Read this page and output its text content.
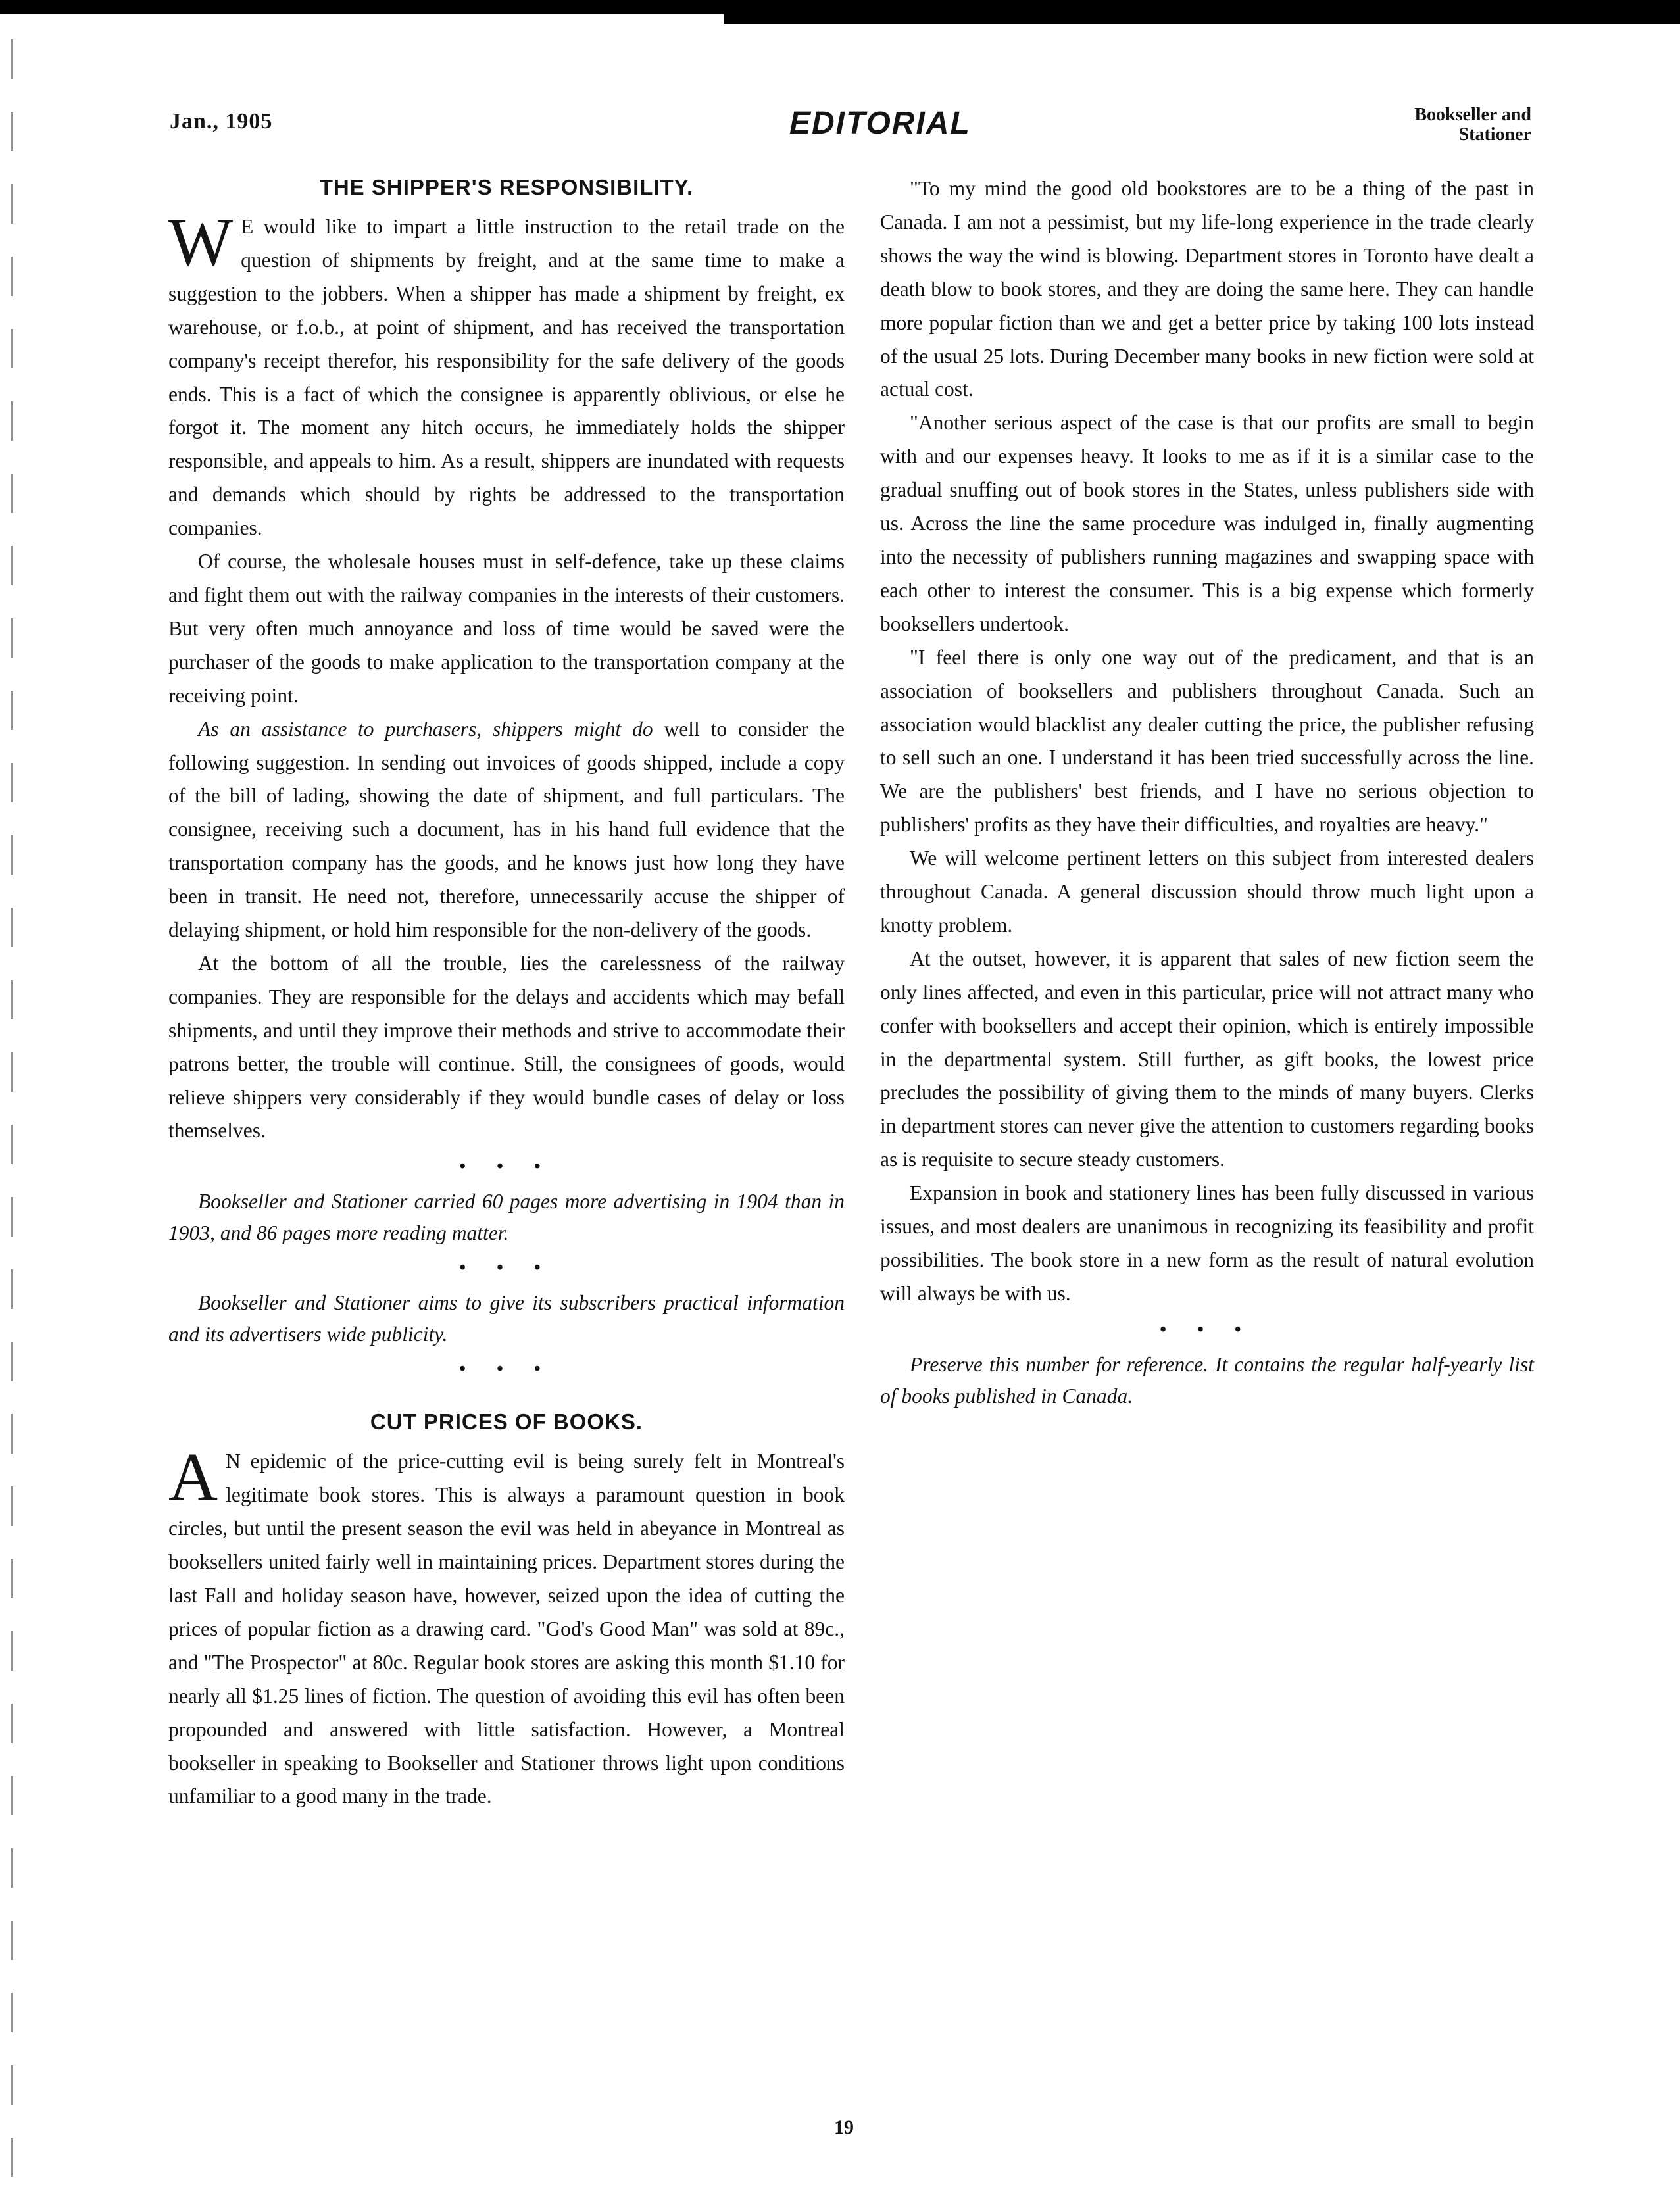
Jan., 1905	EDITORIAL	Bookseller and
Stationer
THE SHIPPER'S RESPONSIBILITY.

W E would like to impart a little instruction to the retail trade on the question of shipments by freight, and at the same time to make a suggestion to the jobbers. When a shipper has made a shipment by freight, ex warehouse, or f.o.b., at point of shipment, and has received the transportation company's receipt therefor, his responsibility for the safe delivery of the goods ends. This is a fact of which the consignee is apparently oblivious, or else he forgot it. The moment any hitch occurs, he immediately holds the shipper responsible, and appeals to him. As a result, shippers are inundated with requests and demands which should by rights be addressed to the transportation companies.

Of course, the wholesale houses must in self-defence, take up these claims and fight them out with the railway companies in the interests of their customers. But very often much annoyance and loss of time would be saved were the purchaser of the goods to make application to the transportation company at the receiving point.

As an assistance to purchasers, shippers might do well to consider the following suggestion. In sending out invoices of goods shipped, include a copy of the bill of lading, showing the date of shipment, and full particulars. The consignee, receiving such a document, has in his hand full evidence that the transportation company has the goods, and he knows just how long they have been in transit. He need not, therefore, unnecessarily accuse the shipper of delaying shipment, or hold him responsible for the non-delivery of the goods.

At the bottom of all the trouble, lies the carelessness of the railway companies. They are responsible for the delays and accidents which may befall shipments, and until they improve their methods and strive to accommodate their patrons better, the trouble will continue. Still, the consignees of goods, would relieve shippers very considerably if they would bundle cases of delay or loss themselves.

• • •

Bookseller and Stationer carried 60 pages more advertising in 1904 than in 1903, and 86 pages more reading matter.

• • •

Bookseller and Stationer aims to give its subscribers practical information and its advertisers wide publicity.

• • •
CUT PRICES OF BOOKS.

A N epidemic of the price-cutting evil is being surely felt in Montreal's legitimate book stores. This is always a paramount question in book circles, but until the present season the evil was held in abeyance in Montreal as booksellers united fairly well in maintaining prices. Department stores during the last Fall and holiday season have, however, seized upon the idea of cutting the prices of popular fiction as a drawing card. "God's Good Man" was sold at 89c., and "The Prospector" at 80c. Regular book stores are asking this month $1.10 for nearly all $1.25 lines of fiction. The question of avoiding this evil has often been propounded and answered with little satisfaction. However, a Montreal bookseller in speaking to Bookseller and Stationer throws light upon conditions unfamiliar to a good many in the trade.

"To my mind the good old bookstores are to be a thing of the past in Canada. I am not a pessimist, but my life-long experience in the trade clearly shows the way the wind is blowing. Department stores in Toronto have dealt a death blow to book stores, and they are doing the same here. They can handle more popular fiction than we and get a better price by taking 100 lots instead of the usual 25 lots. During December many books in new fiction were sold at actual cost.

"Another serious aspect of the case is that our profits are small to begin with and our expenses heavy. It looks to me as if it is a similar case to the gradual snuffing out of book stores in the States, unless publishers side with us. Across the line the same procedure was indulged in, finally augmenting into the necessity of publishers running magazines and swapping space with each other to interest the consumer. This is a big expense which formerly booksellers undertook.

"I feel there is only one way out of the predicament, and that is an association of booksellers and publishers throughout Canada. Such an association would blacklist any dealer cutting the price, the publisher refusing to sell such an one. I understand it has been tried successfully across the line. We are the publishers' best friends, and I have no serious objection to publishers' profits as they have their difficulties, and royalties are heavy."

We will welcome pertinent letters on this subject from interested dealers throughout Canada. A general discussion should throw much light upon a knotty problem.

At the outset, however, it is apparent that sales of new fiction seem the only lines affected, and even in this particular, price will not attract many who confer with booksellers and accept their opinion, which is entirely impossible in the departmental system. Still further, as gift books, the lowest price precludes the possibility of giving them to the minds of many buyers. Clerks in department stores can never give the attention to customers regarding books as is requisite to secure steady customers.

Expansion in book and stationery lines has been fully discussed in various issues, and most dealers are unanimous in recognizing its feasibility and profit possibilities. The book store in a new form as the result of natural evolution will always be with us.

• • •

Preserve this number for reference. It contains the regular half-yearly list of books published in Canada.

19
